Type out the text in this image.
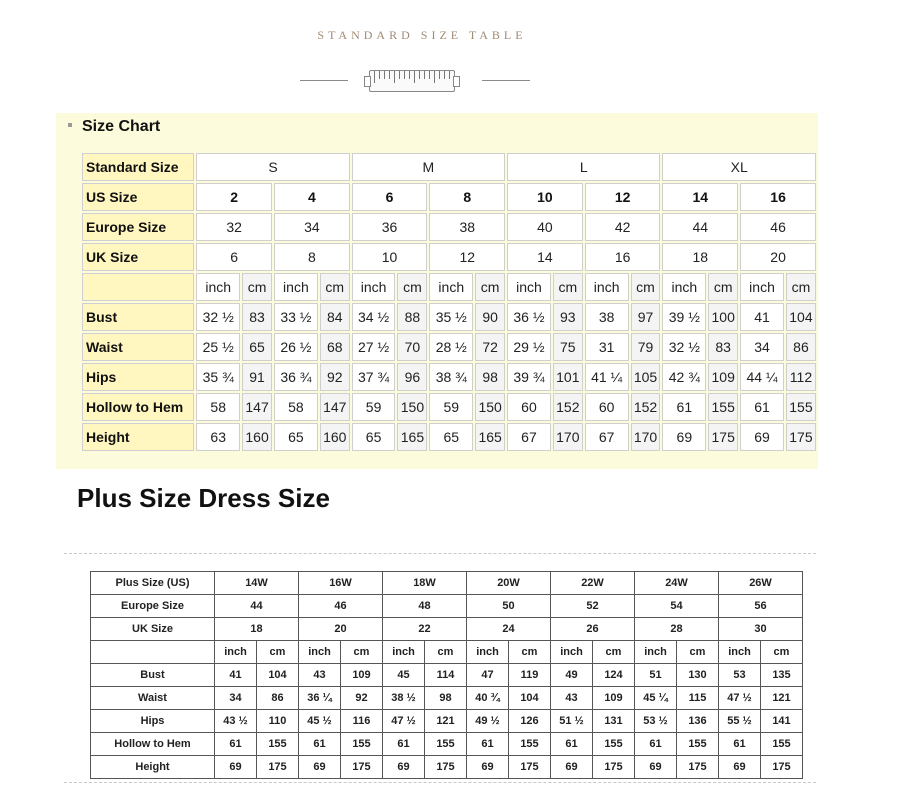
STANDARD SIZE TABLE
Size Chart
Standard Size	S				M				L				XL			
US Size	2		4		6		8		10		12		14		16	
Europe Size	32		34		36		38		40		42		44		46	
UK Size	6		8		10		12		14		16		18		20	
	inch	cm	inch	cm	inch	cm	inch	cm	inch	cm	inch	cm	inch	cm	inch	cm
Bust	32 ½	83	33 ½	84	34 ½	88	35 ½	90	36 ½	93	38	97	39 ½	100	41	104
Waist	25 ½	65	26 ½	68	27 ½	70	28 ½	72	29 ½	75	31	79	32 ½	83	34	86
Hips	35 ¾	91	36 ¾	92	37 ¾	96	38 ¾	98	39 ¾	101	41 ¼	105	42 ¾	109	44 ¼	112
Hollow to Hem	58	147	58	147	59	150	59	150	60	152	60	152	61	155	61	155
Height	63	160	65	160	65	165	65	165	67	170	67	170	69	175	69	175
Plus Size Dress Size
Plus Size (US)	14W		16W		18W		20W		22W		24W		26W	
Europe Size	44		46		48		50		52		54		56	
UK Size	18		20		22		24		26		28		30	
	inch	cm	inch	cm	inch	cm	inch	cm	inch	cm	inch	cm	inch	cm
Bust	41	104	43	109	45	114	47	119	49	124	51	130	53	135
Waist	34	86	36 ¼	92	38 ½	98	40 ¾	104	43	109	45 ¼	115	47 ½	121
Hips	43 ½	110	45 ½	116	47 ½	121	49 ½	126	51 ½	131	53 ½	136	55 ½	141
Hollow to Hem	61	155	61	155	61	155	61	155	61	155	61	155	61	155
Height	69	175	69	175	69	175	69	175	69	175	69	175	69	175
